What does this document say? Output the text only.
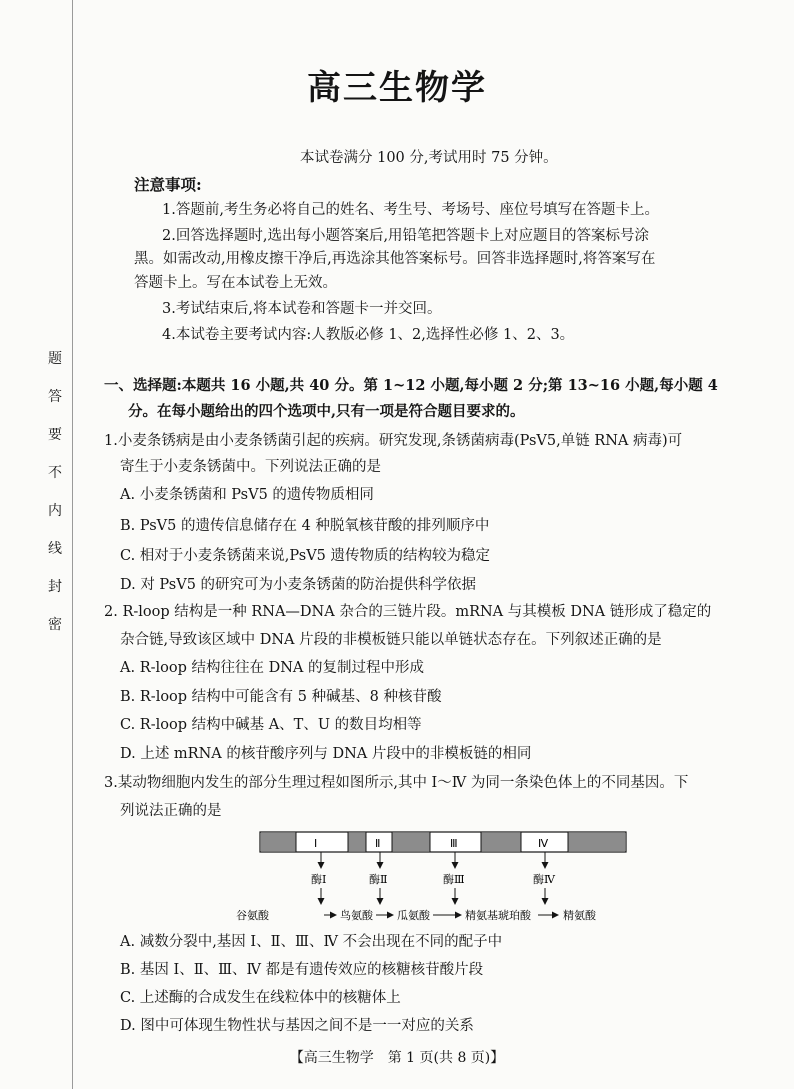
题
答
要
不
内
线
封
密
高三生物学
本试卷满分 100 分,考试用时 75 分钟。
注意事项:
1.答题前,考生务必将自己的姓名、考生号、考场号、座位号填写在答题卡上。
2.回答选择题时,选出每小题答案后,用铅笔把答题卡上对应题目的答案标号涂
黑。如需改动,用橡皮擦干净后,再选涂其他答案标号。回答非选择题时,将答案写在
答题卡上。写在本试卷上无效。
3.考试结束后,将本试卷和答题卡一并交回。
4.本试卷主要考试内容:人教版必修 1、2,选择性必修 1、2、3。
一、选择题:本题共 16 小题,共 40 分。第 1~12 小题,每小题 2 分;第 13~16 小题,每小题 4
分。在每小题给出的四个选项中,只有一项是符合题目要求的。
1.小麦条锈病是由小麦条锈菌引起的疾病。研究发现,条锈菌病毒(PsV5,单链 RNA 病毒)可
寄生于小麦条锈菌中。下列说法正确的是
A. 小麦条锈菌和 PsV5 的遗传物质相同
B. PsV5 的遗传信息储存在 4 种脱氧核苷酸的排列顺序中
C. 相对于小麦条锈菌来说,PsV5 遗传物质的结构较为稳定
D. 对 PsV5 的研究可为小麦条锈菌的防治提供科学依据
2. R-loop 结构是一种 RNA—DNA 杂合的三链片段。mRNA 与其模板 DNA 链形成了稳定的
杂合链,导致该区域中 DNA 片段的非模板链只能以单链状态存在。下列叙述正确的是
A. R-loop 结构往往在 DNA 的复制过程中形成
B. R-loop 结构中可能含有 5 种碱基、8 种核苷酸
C. R-loop 结构中碱基 A、T、U 的数目均相等
D. 上述 mRNA 的核苷酸序列与 DNA 片段中的非模板链的相同
3.某动物细胞内发生的部分生理过程如图所示,其中 Ⅰ～Ⅳ 为同一条染色体上的不同基因。下
列说法正确的是
Ⅰ	Ⅱ	Ⅲ	Ⅳ
酶Ⅰ	酶Ⅱ	酶Ⅲ	酶Ⅳ
谷氨酸	鸟氨酸 瓜氨酸	精氨基琥珀酸	精氨酸
A. 减数分裂中,基因 Ⅰ、Ⅱ、Ⅲ、Ⅳ 不会出现在不同的配子中
B. 基因 Ⅰ、Ⅱ、Ⅲ、Ⅳ 都是有遗传效应的核糖核苷酸片段
C. 上述酶的合成发生在线粒体中的核糖体上
D. 图中可体现生物性状与基因之间不是一一对应的关系
【高三生物学　第 1 页(共 8 页)】
